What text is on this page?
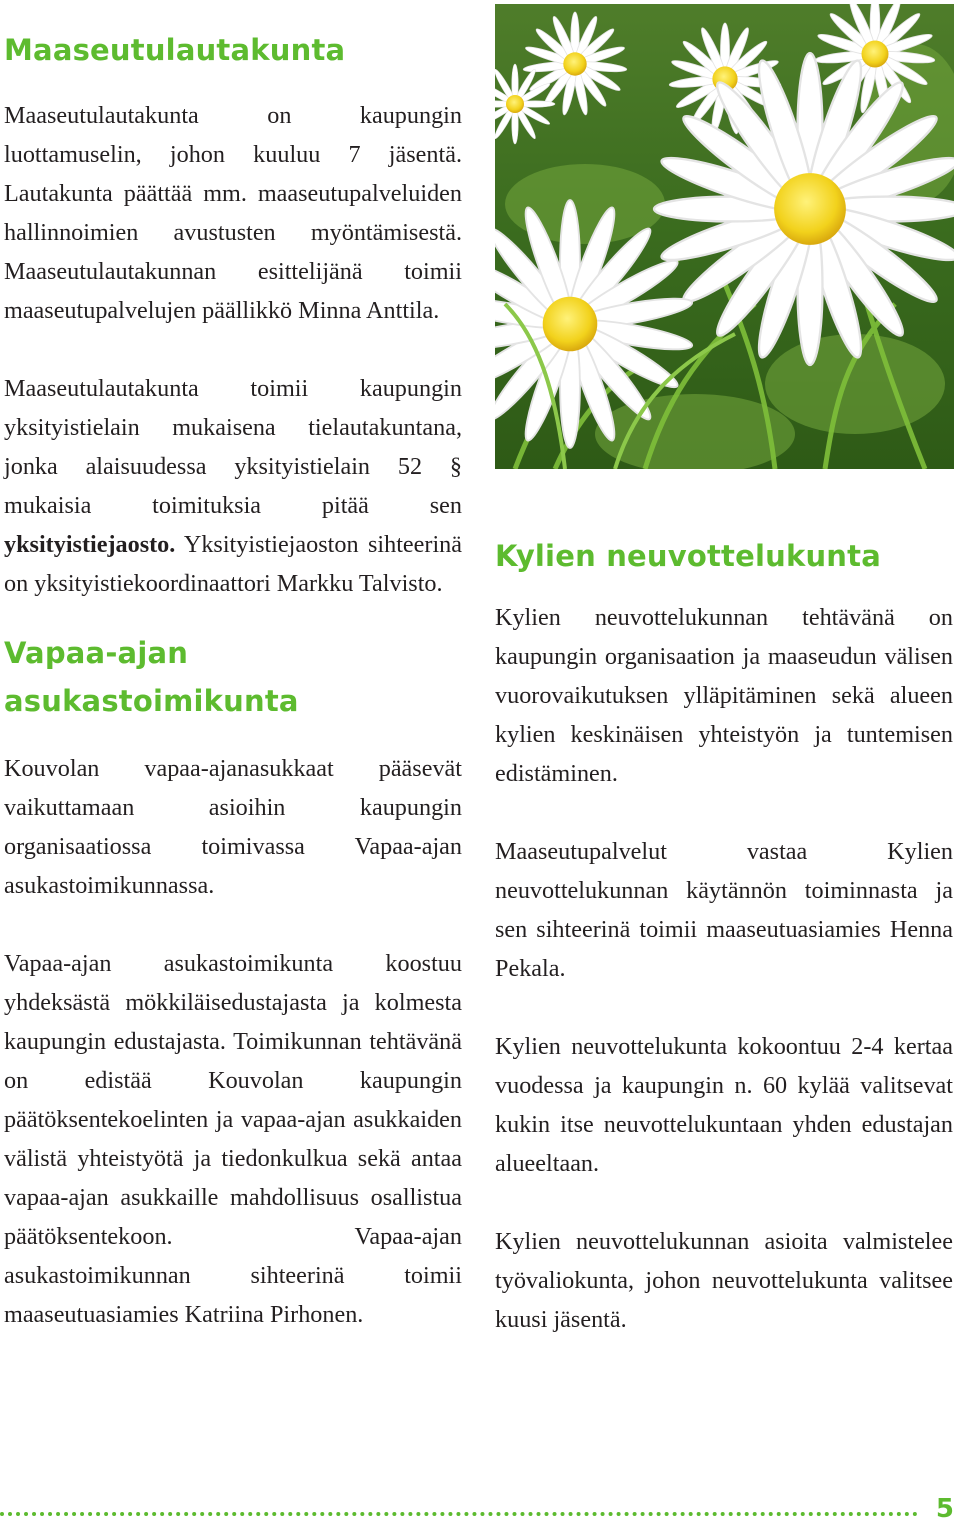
Maaseutulautakunta

Maaseutulautakunta on kaupungin luottamuselin, johon kuuluu 7 jäsentä. Lautakunta päättää mm. maaseutupalveluiden hallinnoimien avustusten myöntämisestä. Maaseutulautakunnan esittelijänä toimii maaseutupalvelujen päällikkö Minna Anttila.

Maaseutulautakunta toimii kaupungin yksityistielain mukaisena tielautakuntana, jonka alaisuudessa yksityistielain 52 § mukaisia toimituksia pitää sen yksityistiejaosto. Yksityistiejaoston sihteerinä on yksityistiekoordinaattori Markku Talvisto.

Vapaa-ajan
asukastoimikunta

Kouvolan vapaa-ajanasukkaat pääsevät vaikuttamaan asioihin kaupungin organisaatiossa toimivassa Vapaa-ajan asukastoimikunnassa.

Vapaa-ajan asukastoimikunta koostuu yhdeksästä mökkiläisedustajasta ja kolmesta kaupungin edustajasta. Toimikunnan tehtävänä on edistää Kouvolan kaupungin päätöksentekoelinten ja vapaa-ajan asukkaiden välistä yhteistyötä ja tiedonkulkua sekä antaa vapaa-ajan asukkaille mahdollisuus osallistua päätöksentekoon. Vapaa-ajan asukastoimikunnan sihteerinä toimii maaseutuasiamies Katriina Pirhonen.

Kylien neuvottelukunta

Kylien neuvottelukunnan tehtävänä on kaupungin organisaation ja maaseudun välisen vuorovaikutuksen ylläpitäminen sekä alueen kylien keskinäisen yhteistyön ja tuntemisen edistäminen.

Maaseutupalvelut vastaa Kylien neuvottelukunnan käytännön toiminnasta ja sen sihteerinä toimii maaseutuasiamies Henna Pekala.

Kylien neuvottelukunta kokoontuu 2-4 kertaa vuodessa ja kaupungin n. 60 kylää valitsevat kukin itse neuvottelukuntaan yhden edustajan alueeltaan.

Kylien neuvottelukunnan asioita valmistelee työvaliokunta, johon neuvottelukunta valitsee kuusi jäsentä.

5
